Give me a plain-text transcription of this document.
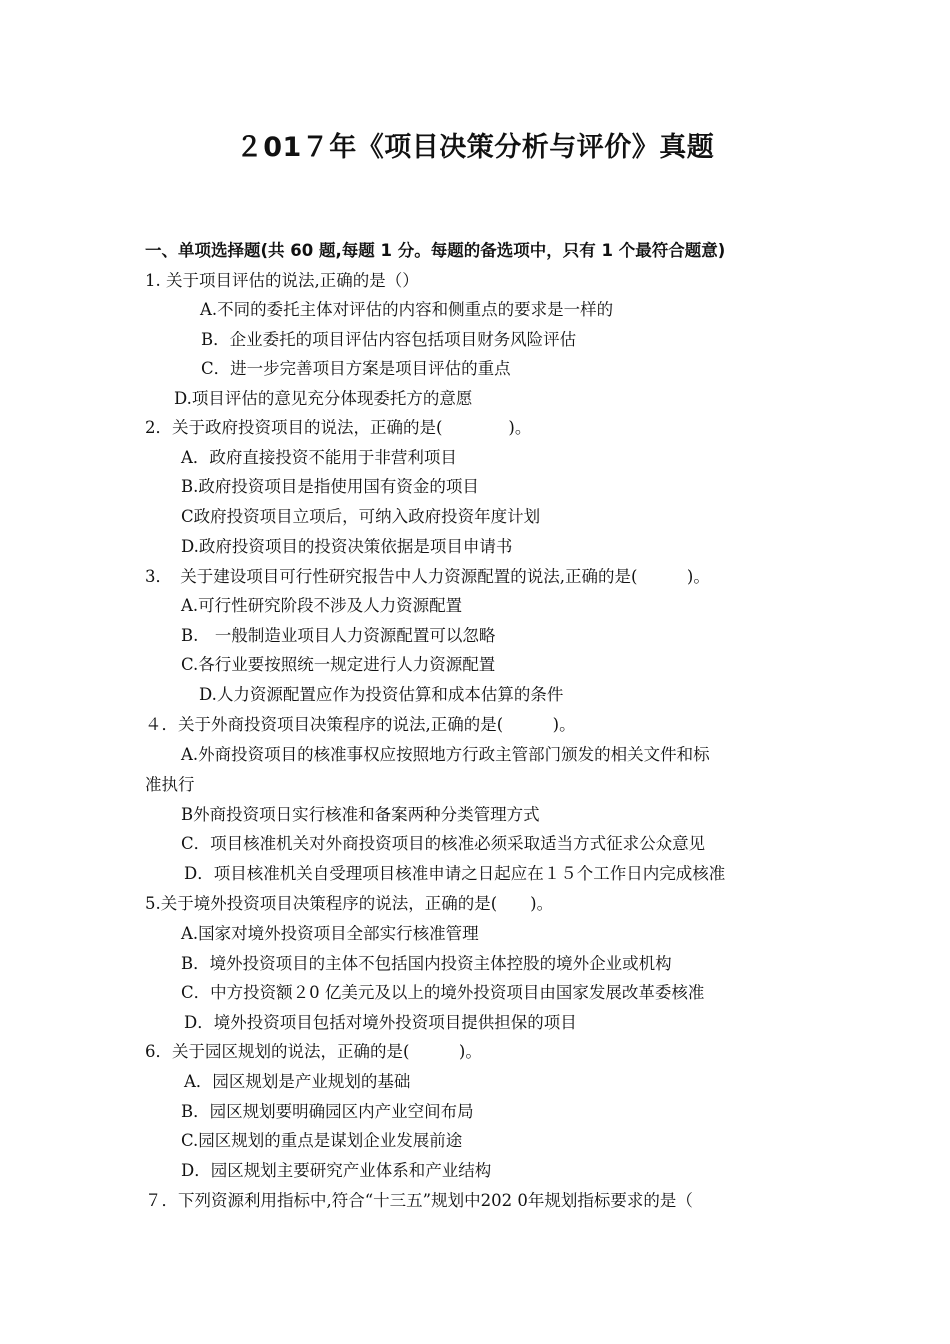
２01７年《项目决策分析与评价》真题
一、单项选择题(共 60 题,每题 1 分。每题的备选项中，只有 1 个最符合题意)
1. 关于项目评估的说法,正确的是（）
A.不同的委托主体对评估的内容和侧重点的要求是一样的
B．企业委托的项目评估内容包括项目财务风险评估
C．进一步完善项目方案是项目评估的重点
D.项目评估的意见充分体现委托方的意愿
2．关于政府投资项目的说法，正确的是(　　　　)。
A．政府直接投资不能用于非营利项目
B.政府投资项目是指使用国有资金的项目
C政府投资项目立项后，可纳入政府投资年度计划
D.政府投资项目的投资决策依据是项目申请书
3．　关于建设项目可行性研究报告中人力资源配置的说法,正确的是(　　　)。
A.可行性研究阶段不涉及人力资源配置
B.　一般制造业项目人力资源配置可以忽略
C.各行业要按照统一规定进行人力资源配置
D.人力资源配置应作为投资估算和成本估算的条件
４．关于外商投资项目决策程序的说法,正确的是(　　　)。
A.外商投资项目的核准事权应按照地方行政主管部门颁发的相关文件和标
准执行
B外商投资项日实行核准和备案两种分类管理方式
C．项目核准机关对外商投资项目的核准必须采取适当方式征求公众意见
D．项目核准机关自受理项目核准申请之日起应在１５个工作日内完成核准
5.关于境外投资项目决策程序的说法，正确的是(　　)。
A.国家对境外投资项目全部实行核准管理
B．境外投资项目的主体不包括国内投资主体控股的境外企业或机构
C．中方投资额２0 亿美元及以上的境外投资项目由国家发展改革委核准
D．境外投资项目包括对境外投资项目提供担保的项目
6．关于园区规划的说法，正确的是(　　　)。
A．园区规划是产业规划的基础
B．园区规划要明确园区内产业空间布局
C.园区规划的重点是谋划企业发展前途
D．园区规划主要研究产业体系和产业结构
７．下列资源利用指标中,符合“十三五”规划中202 0年规划指标要求的是（
